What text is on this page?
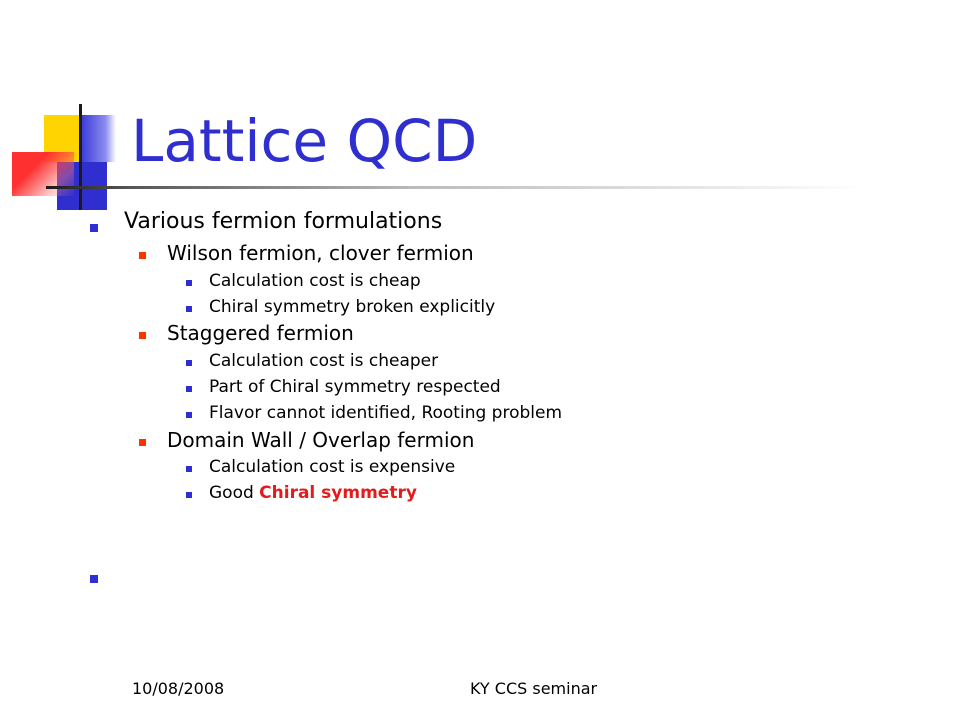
Lattice QCD
Various fermion formulations
Wilson fermion, clover fermion
Calculation cost is cheap
Chiral symmetry broken explicitly
Staggered fermion
Calculation cost is cheaper
Part of Chiral symmetry respected
Flavor cannot identified, Rooting problem
Domain Wall / Overlap fermion
Calculation cost is expensive
Good Chiral symmetry
10/08/2008	KY CCS seminar
